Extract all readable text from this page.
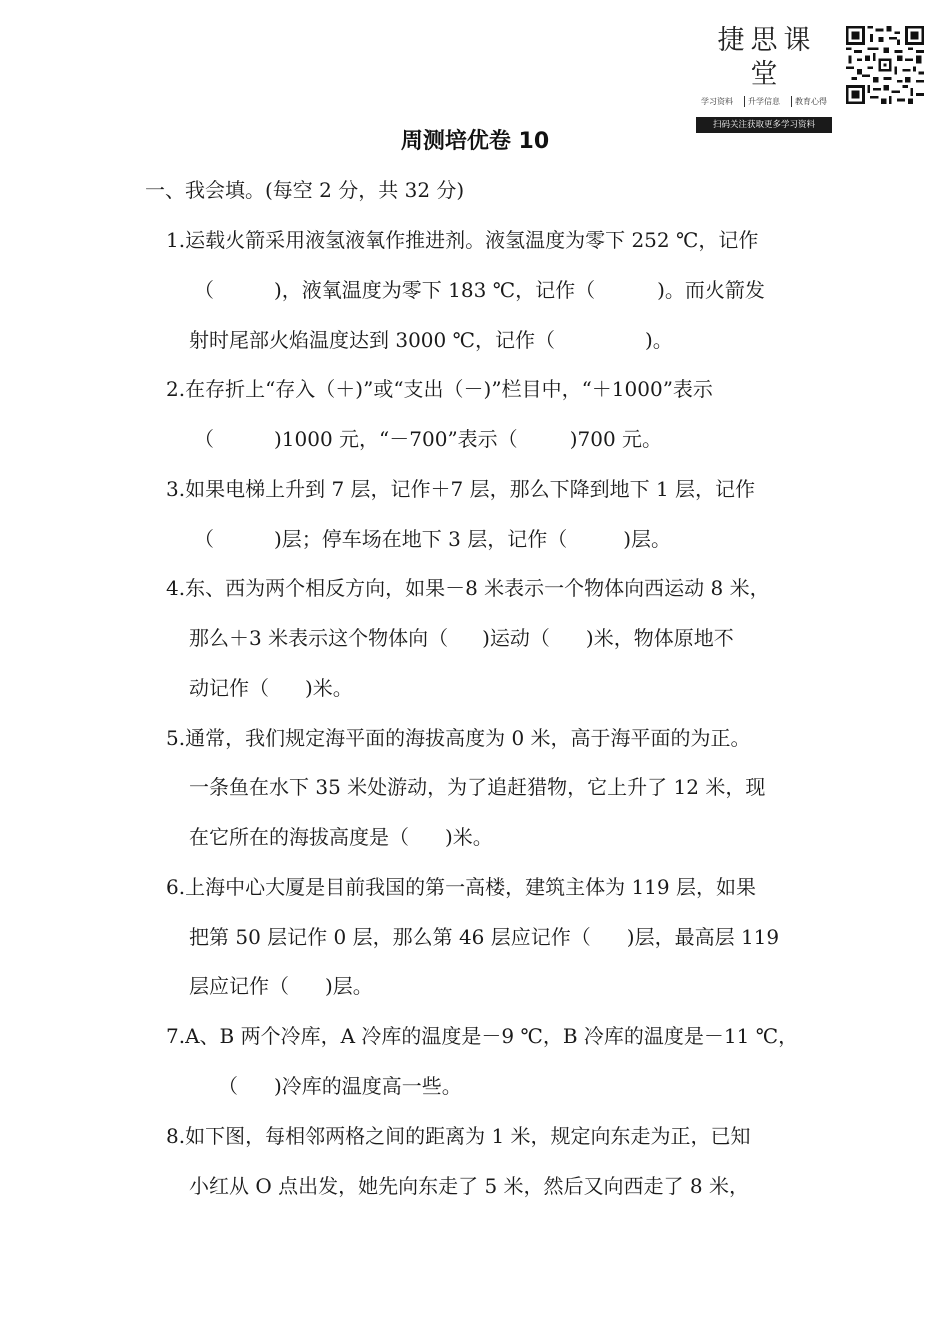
捷思课堂
学习资料	升学信息	教育心得
扫码关注获取更多学习资料
周测培优卷 10
一、我会填。(每空 2 分，共 32 分)
1.运载火箭采用液氢液氧作推进剂。液氢温度为零下 252 ℃，记作
（	)，液氧温度为零下 183 ℃，记作（	)。而火箭发
射时尾部火焰温度达到 3000 ℃，记作（	)。
2.在存折上“存入（＋)”或“支出（－)”栏目中，“＋1000”表示
（	)1000 元，“－700”表示（	)700 元。
3.如果电梯上升到 7 层，记作＋7 层，那么下降到地下 1 层，记作
（	)层；停车场在地下 3 层，记作（	)层。
4.东、西为两个相反方向，如果－8 米表示一个物体向西运动 8 米，
那么＋3 米表示这个物体向（ )运动（ )米，物体原地不
动记作（ )米。
5.通常，我们规定海平面的海拔高度为 0 米，高于海平面的为正。
一条鱼在水下 35 米处游动，为了追赶猎物，它上升了 12 米，现
在它所在的海拔高度是（ )米。
6.上海中心大厦是目前我国的第一高楼，建筑主体为 119 层，如果
把第 50 层记作 0 层，那么第 46 层应记作（ )层，最高层 119
层应记作（ )层。
7.A、B 两个冷库，A 冷库的温度是－9 ℃，B 冷库的温度是－11 ℃，
（ )冷库的温度高一些。
8.如下图，每相邻两格之间的距离为 1 米，规定向东走为正，已知
小红从 O 点出发，她先向东走了 5 米，然后又向西走了 8 米，
